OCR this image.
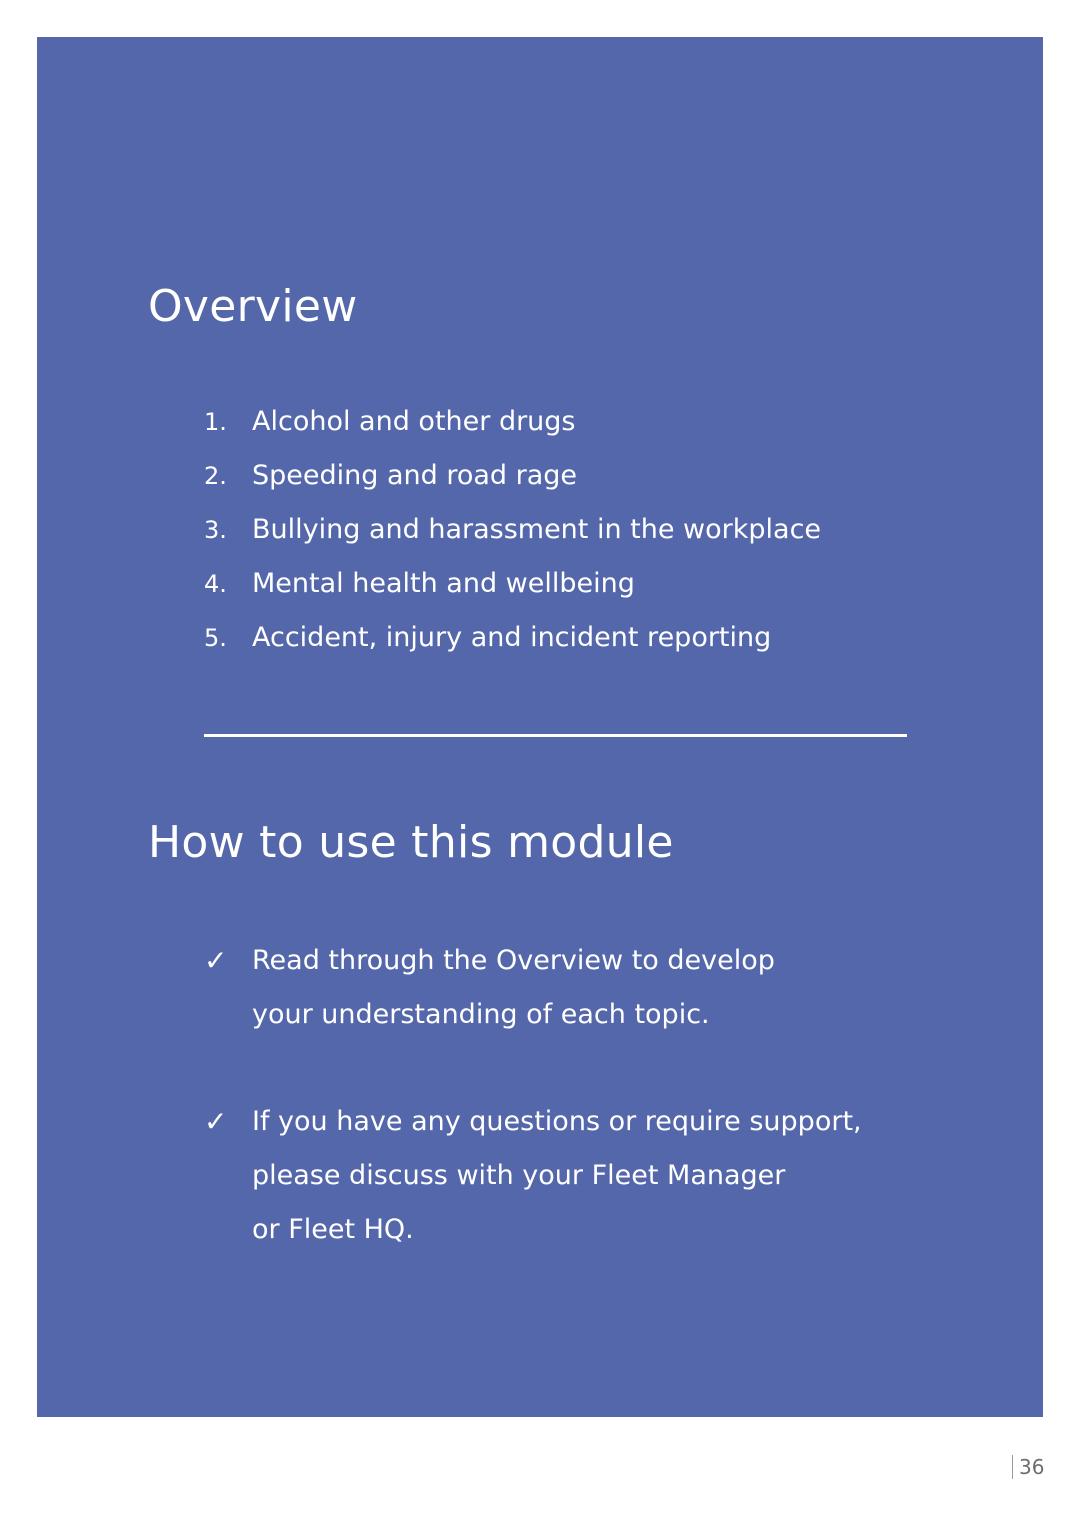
Overview
1. Alcohol and other drugs
2. Speeding and road rage
3. Bullying and harassment in the workplace
4. Mental health and wellbeing
5. Accident, injury and incident reporting
How to use this module
✓ Read through the Overview to develop
your understanding of each topic.
✓ If you have any questions or require support,
please discuss with your Fleet Manager
or Fleet HQ.
36
